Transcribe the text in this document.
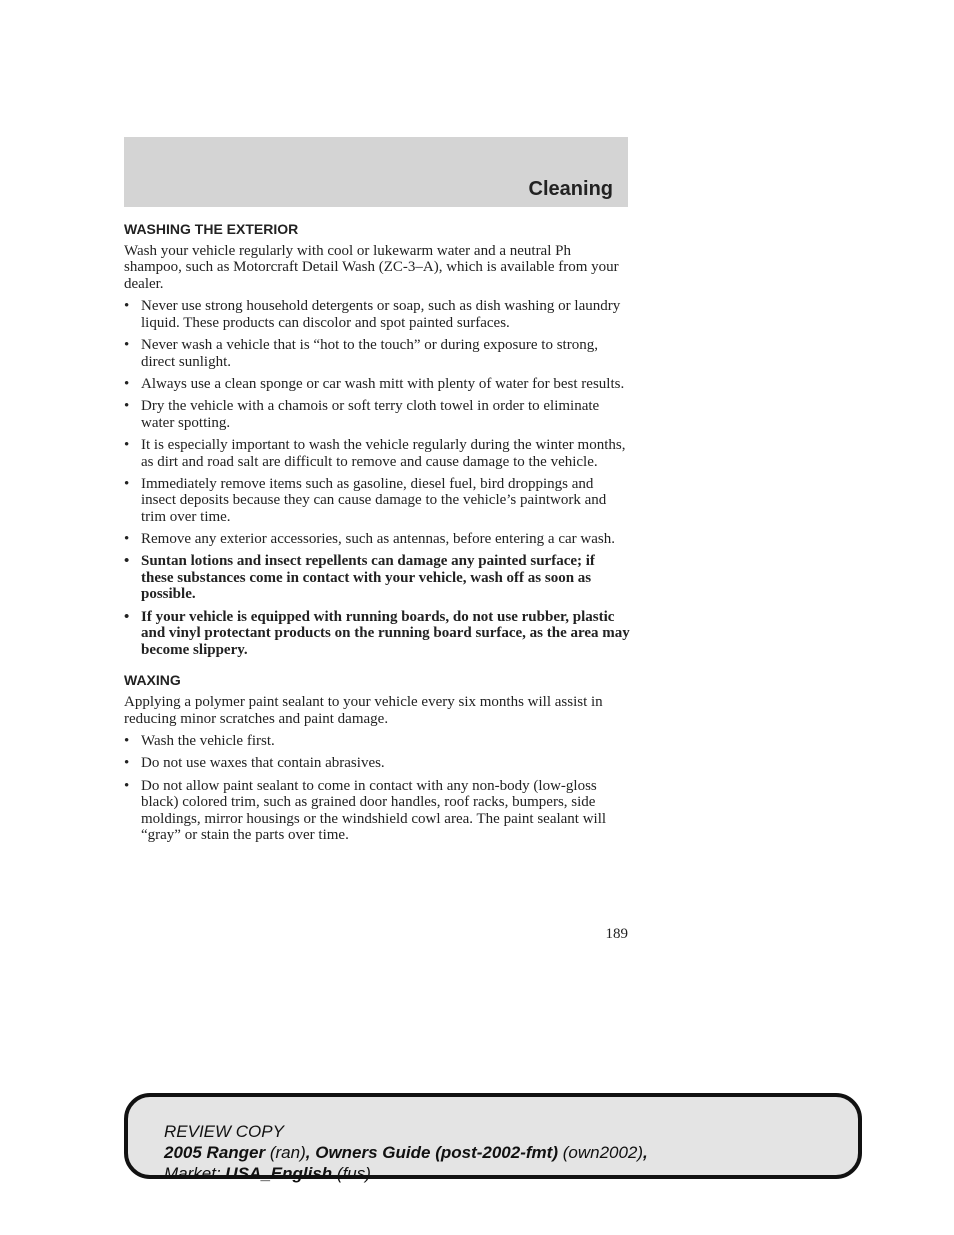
Cleaning
WASHING THE EXTERIOR

Wash your vehicle regularly with cool or lukewarm water and a neutral Ph shampoo, such as Motorcraft Detail Wash (ZC-3–A), which is available from your dealer.

• Never use strong household detergents or soap, such as dish washing or laundry liquid. These products can discolor and spot painted surfaces.
• Never wash a vehicle that is “hot to the touch” or during exposure to strong, direct sunlight.
• Always use a clean sponge or car wash mitt with plenty of water for best results.
• Dry the vehicle with a chamois or soft terry cloth towel in order to eliminate water spotting.
• It is especially important to wash the vehicle regularly during the winter months, as dirt and road salt are difficult to remove and cause damage to the vehicle.
• Immediately remove items such as gasoline, diesel fuel, bird droppings and insect deposits because they can cause damage to the vehicle’s paintwork and trim over time.
• Remove any exterior accessories, such as antennas, before entering a car wash.
• Suntan lotions and insect repellents can damage any painted surface; if these substances come in contact with your vehicle, wash off as soon as possible.
• If your vehicle is equipped with running boards, do not use rubber, plastic and vinyl protectant products on the running board surface, as the area may become slippery.
WAXING

Applying a polymer paint sealant to your vehicle every six months will assist in reducing minor scratches and paint damage.

• Wash the vehicle first.
• Do not use waxes that contain abrasives.
• Do not allow paint sealant to come in contact with any non-body (low-gloss black) colored trim, such as grained door handles, roof racks, bumpers, side moldings, mirror housings or the windshield cowl area. The paint sealant will “gray” or stain the parts over time.
189
REVIEW COPY
2005 Ranger (ran), Owners Guide (post-2002-fmt) (own2002),
Market: USA_English (fus)
